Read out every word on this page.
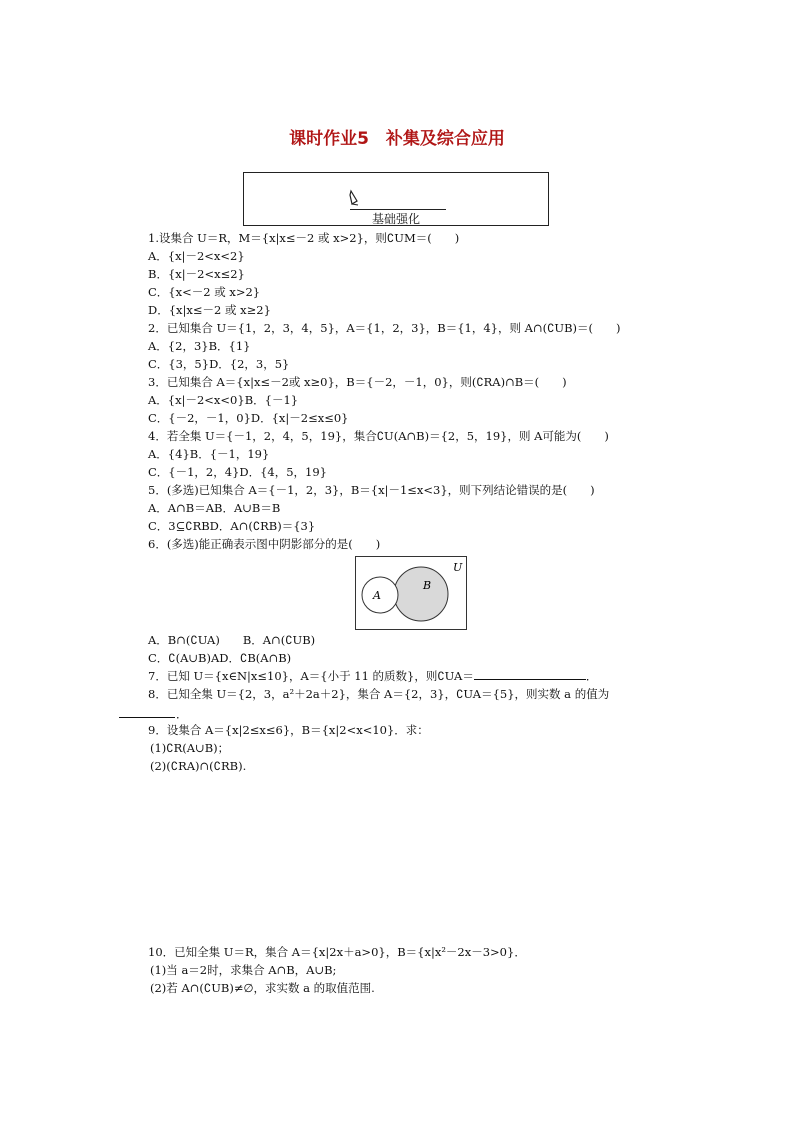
课时作业5　补集及综合应用
基础强化
1.设集合 U＝R，M＝{x|x≤－2 或 x>2}，则∁UM＝(　　)
A．{x|－2<x<2}
B．{x|－2<x≤2}
C．{x<－2 或 x>2}
D．{x|x≤－2 或 x≥2}
2．已知集合 U＝{1，2，3，4，5}，A＝{1，2，3}，B＝{1，4}，则 A∩(∁UB)＝(　　)
A．{2，3}B．{1}
C．{3，5}D．{2，3，5}
3．已知集合 A＝{x|x≤－2或 x≥0}，B＝{－2，－1，0}，则(∁RA)∩B＝(　　)
A．{x|－2<x<0}B．{－1}
C．{－2，－1，0}D．{x|－2≤x≤0}
4．若全集 U＝{－1，2，4，5，19}，集合∁U(A∩B)＝{2，5，19}，则 A可能为(　　)
A．{4}B．{－1，19}
C．{－1，2，4}D．{4，5，19}
5．(多选)已知集合 A＝{－1，2，3}，B＝{x|－1≤x<3}，则下列结论错误的是(　　)
A．A∩B＝AB．A∪B＝B
C．3⊆∁RBD．A∩(∁RB)＝{3}
6．(多选)能正确表示图中阴影部分的是(　　)
U
A
B
A．B∩(∁UA)　　B．A∩(∁UB)
C．∁(A∪B)AD．∁B(A∩B)
7．已知 U＝{x∈N|x≤10}，A＝{小于 11 的质数}，则∁UA＝	．
8．已知全集 U＝{2，3，a²＋2a＋2}，集合 A＝{2，3}，∁UA＝{5}，则实数 a 的值为
．
9．设集合 A＝{x|2≤x≤6}，B＝{x|2<x<10}．求：
(1)∁R(A∪B)；
(2)(∁RA)∩(∁RB).
10．已知全集 U＝R，集合 A＝{x|2x＋a>0}，B＝{x|x²－2x－3>0}．
(1)当 a＝2时，求集合 A∩B，A∪B;
(2)若 A∩(∁UB)≠∅，求实数 a 的取值范围.
